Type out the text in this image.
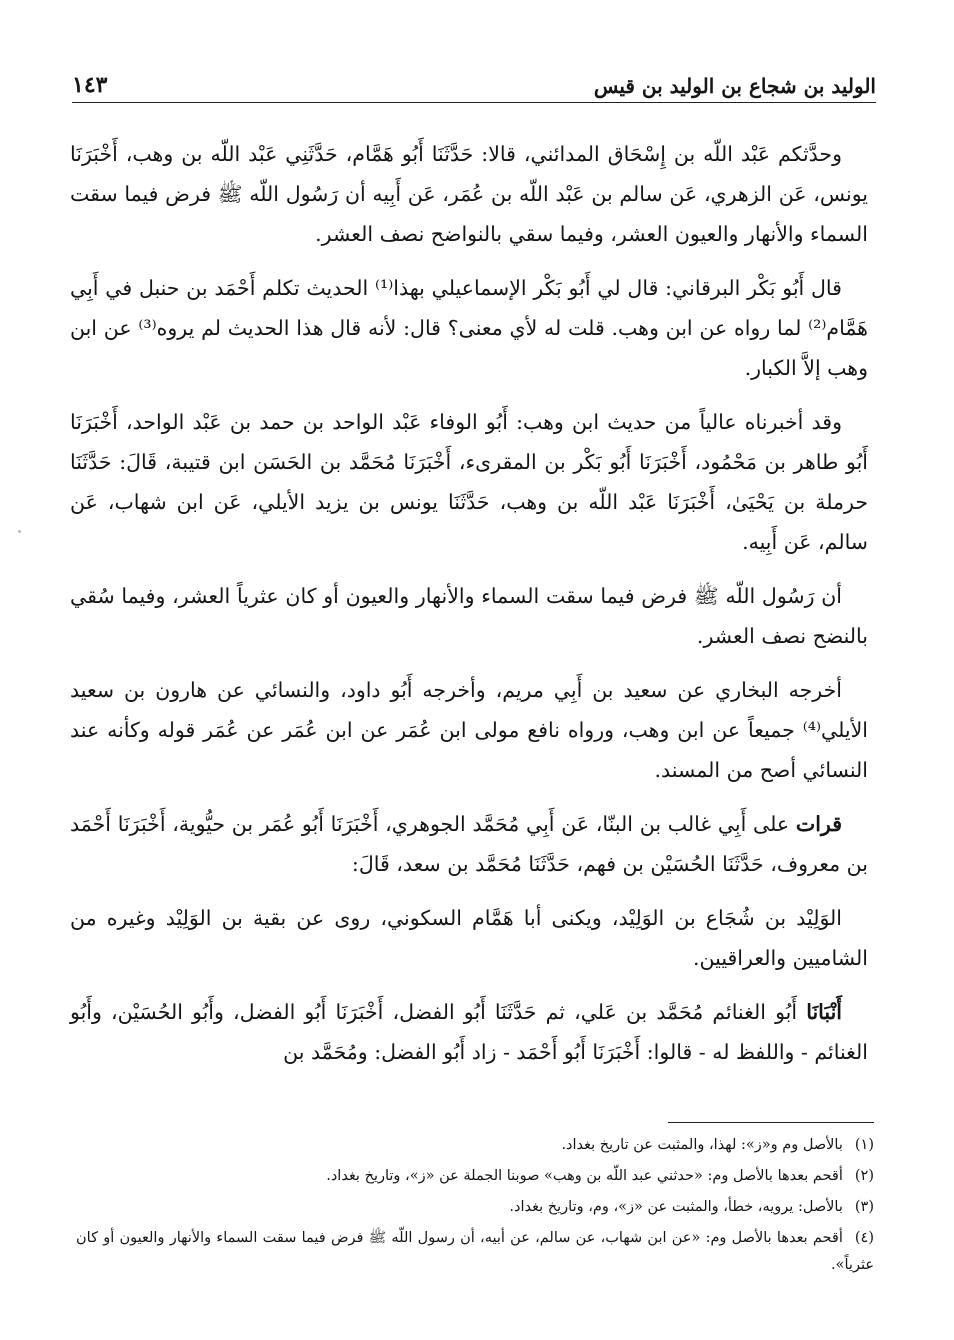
الوليد بن شجاع بن الوليد بن قيس
١٤٣

وحدَّثكم عَبْد اللّه بن إِسْحَاق المدائني، قالا: حَدَّثَنَا أَبُو هَمَّام، حَدَّثَنِي عَبْد اللّه بن وهب، أَخْبَرَنَا يونس، عَن الزهري، عَن سالم بن عَبْد اللّه بن عُمَر، عَن أَبِيه أن رَسُول اللّه ﷺ فرض فيما سقت السماء والأنهار والعيون العشر، وفيما سقي بالنواضح نصف العشر.

قال أَبُو بَكْر البرقاني: قال لي أَبُو بَكْر الإسماعيلي بهذا⁽¹⁾ الحديث تكلم أَحْمَد بن حنبل في أَبِي هَمَّام⁽²⁾ لما رواه عن ابن وهب. قلت له لأي معنى؟ قال: لأنه قال هذا الحديث لم يروه⁽³⁾ عن ابن وهب إلاَّ الكبار.

وقد أخبرناه عالياً من حديث ابن وهب: أَبُو الوفاء عَبْد الواحد بن حمد بن عَبْد الواحد، أَخْبَرَنَا أَبُو طاهر بن مَحْمُود، أَخْبَرَنَا أَبُو بَكْر بن المقرىء، أَخْبَرَنَا مُحَمَّد بن الحَسَن ابن قتيبة، قَالَ: حَدَّثَنَا حرملة بن يَحْيَىٰ، أَخْبَرَنَا عَبْد اللّه بن وهب، حَدَّثَنَا يونس بن يزيد الأيلي، عَن ابن شهاب، عَن سالم، عَن أَبِيه.

أن رَسُول اللّه ﷺ فرض فيما سقت السماء والأنهار والعيون أو كان عثرياً العشر، وفيما سُقي بالنضح نصف العشر.

أخرجه البخاري عن سعيد بن أَبِي مريم، وأخرجه أَبُو داود، والنسائي عن هارون بن سعيد الأيلي⁽⁴⁾ جميعاً عن ابن وهب، ورواه نافع مولى ابن عُمَر عن ابن عُمَر عن عُمَر قوله وكأنه عند النسائي أصح من المسند.

قرات على أَبِي غالب بن البنّا، عَن أَبِي مُحَمَّد الجوهري، أَخْبَرَنَا أَبُو عُمَر بن حيُّوية، أَخْبَرَنَا أَحْمَد بن معروف، حَدَّثَنَا الحُسَيْن بن فهم، حَدَّثَنَا مُحَمَّد بن سعد، قَالَ:

الوَلِيْد بن شُجَاع بن الوَلِيْد، ويكنى أبا هَمَّام السكوني، روى عن بقية بن الوَلِيْد وغيره من الشاميين والعراقيين.

أَنْبَانَا أَبُو الغنائم مُحَمَّد بن عَلي، ثم حَدَّثَنَا أَبُو الفضل، أَخْبَرَنَا أَبُو الفضل، وأَبُو الحُسَيْن، وأَبُو الغنائم - واللفظ له - قالوا: أَخْبَرَنَا أَبُو أَحْمَد - زاد أَبُو الفضل: ومُحَمَّد بن

(١)بالأصل وم و«ز»: لهذا، والمثبت عن تاريخ بغداد.

(٢)أقحم بعدها بالأصل وم: «حدثني عبد اللّه بن وهب» صوبنا الجملة عن «ز»، وتاريخ بغداد.

(٣)بالأصل: يرويه، خطأ، والمثبت عن «ز»، وم، وتاريخ بغداد.

(٤)أقحم بعدها بالأصل وم: «عن ابن شهاب، عن سالم، عن أبيه، أن رسول اللّه ﷺ فرض فيما سقت السماء والأنهار والعيون أو كان عثرياً».
